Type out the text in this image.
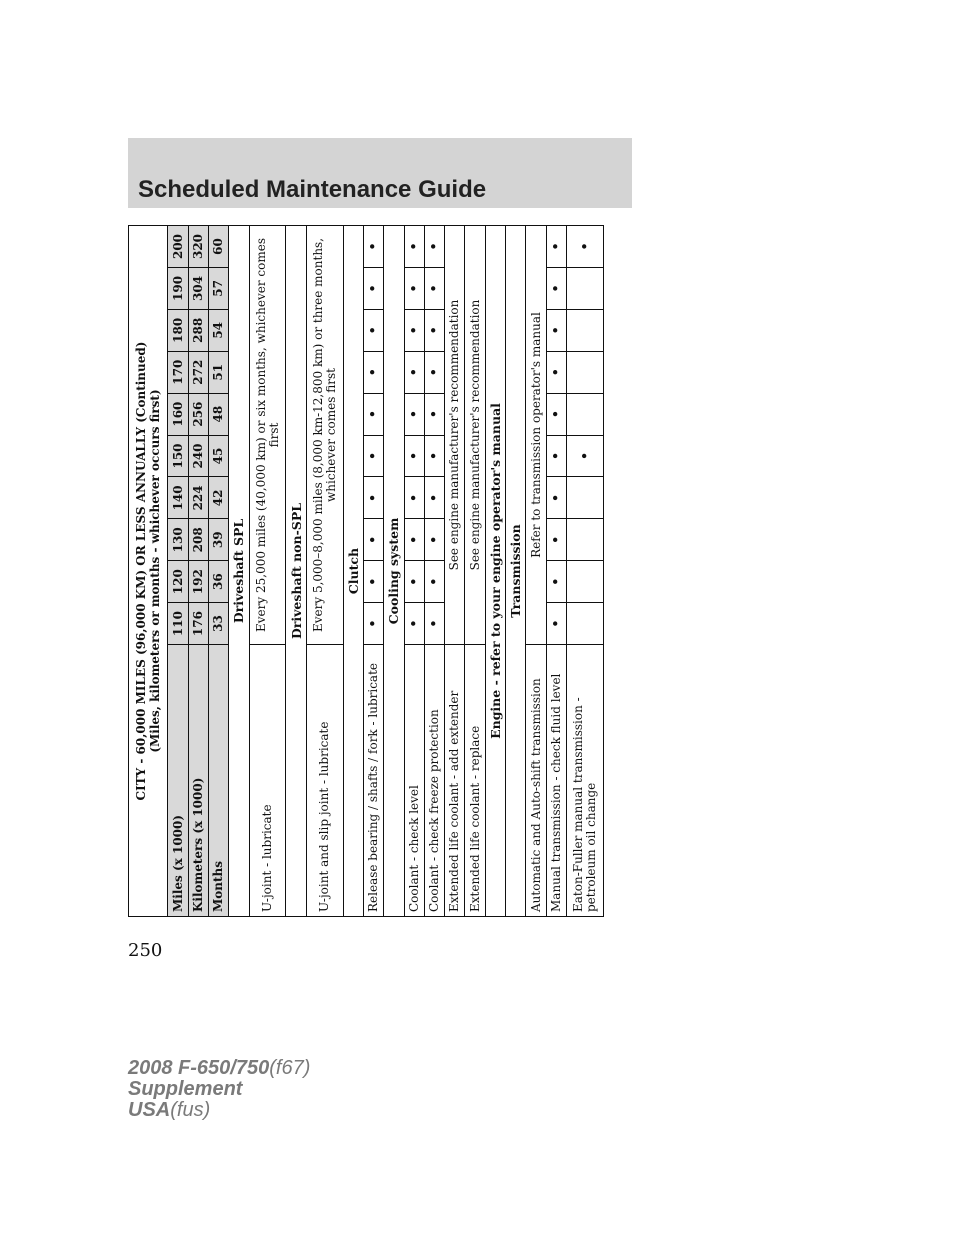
Scheduled Maintenance Guide
CITY - 60,000 MILES (96,000 KM) OR LESS ANNUALLY (Continued) (Miles, kilometers or months - whichever occurs first)										

Miles (x 1000)	110	120	130	140	150	160	170	180	190	200
Kilometers (x 1000)	176	192	208	224	240	256	272	288	304	320
Months	33	36	39	42	45	48	51	54	57	60
Driveshaft SPL										
U-joint - lubricate	Every 25,000 miles (40,000 km) or six months, whichever comes first									
Driveshaft non-SPL										
U-joint and slip joint - lubricate	Every 5,000–8,000 miles (8,000 km-12,800 km) or three months, whichever comes first									
Clutch										
Release bearing / shafts / fork - lubricate	•	•	•	•	•	•	•	•	•	•
Cooling system										
Coolant - check level	•	•	•	•	•	•	•	•	•	•
Coolant - check freeze protection	•	•	•	•	•	•	•	•	•	•
Extended life coolant - add extender	See engine manufacturer's recommendation									
Extended life coolant - replace	See engine manufacturer's recommendation									
Engine - refer to your engine operator's manual										
Transmission										
Automatic and Auto-shift transmission	Refer to transmission operator's manual									
Manual transmission - check fluid level	•	•	•	•	•	•	•	•	•	•
Eaton-Fuller manual transmission - petroleum oil change					•					•
250
2008 F-650/750(f67)
Supplement
USA(fus)
